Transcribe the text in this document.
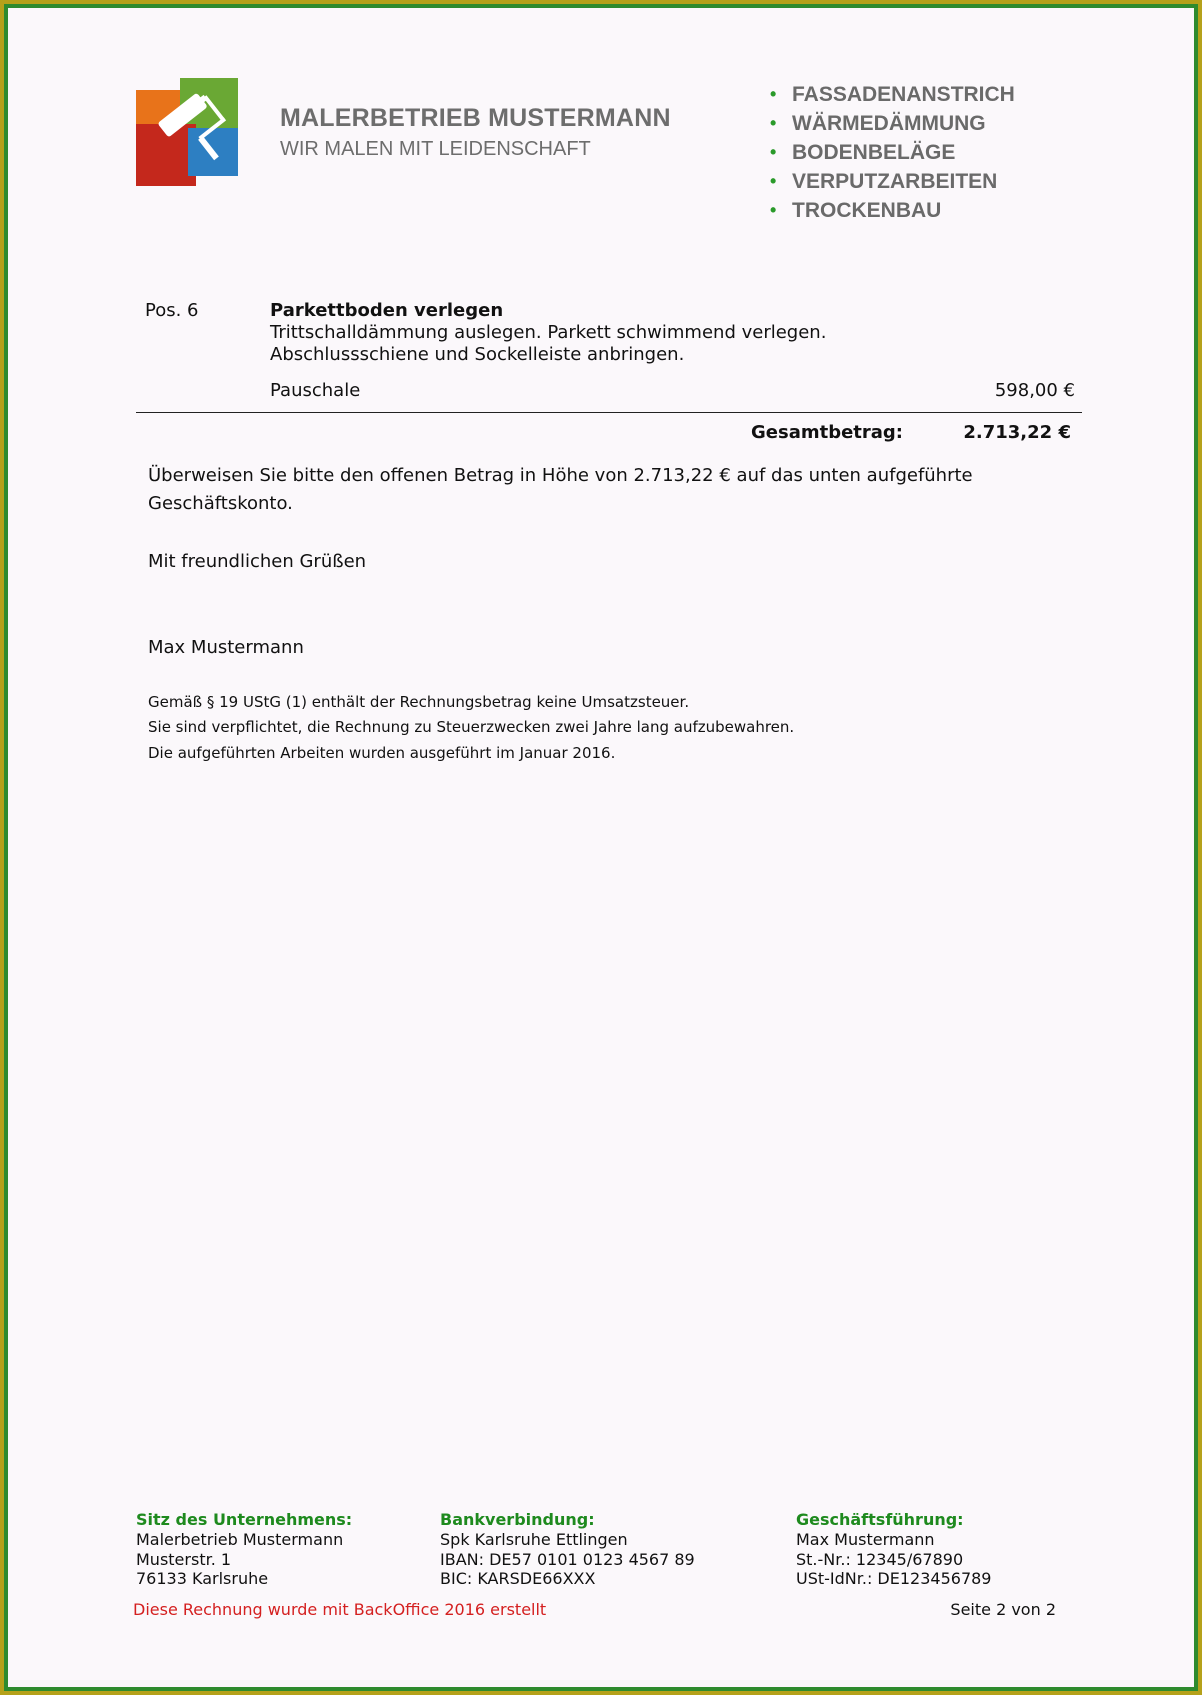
MALERBETRIEB MUSTERMANN
WIR MALEN MIT LEIDENSCHAFT
• FASSADENANSTRICH
• WÄRMEDÄMMUNG
• BODENBELÄGE
• VERPUTZARBEITEN
• TROCKENBAU
Pos. 6	Parkettboden verlegen
Trittschalldämmung auslegen. Parkett schwimmend verlegen.
Abschlussschiene und Sockelleiste anbringen.
Pauschale	598,00 €
Gesamtbetrag:	2.713,22 €
Überweisen Sie bitte den offenen Betrag in Höhe von 2.713,22 € auf das unten aufgeführte
Geschäftskonto.
Mit freundlichen Grüßen
Max Mustermann
Gemäß § 19 UStG (1) enthält der Rechnungsbetrag keine Umsatzsteuer.
Sie sind verpflichtet, die Rechnung zu Steuerzwecken zwei Jahre lang aufzubewahren.
Die aufgeführten Arbeiten wurden ausgeführt im Januar 2016.
Sitz des Unternehmens:
Malerbetrieb Mustermann
Musterstr. 1
76133 Karlsruhe
Bankverbindung:
Spk Karlsruhe Ettlingen
IBAN: DE57 0101 0123 4567 89
BIC: KARSDE66XXX
Geschäftsführung:
Max Mustermann
St.-Nr.: 12345/67890
USt-IdNr.: DE123456789
Diese Rechnung wurde mit BackOffice 2016 erstellt	Seite 2 von 2
